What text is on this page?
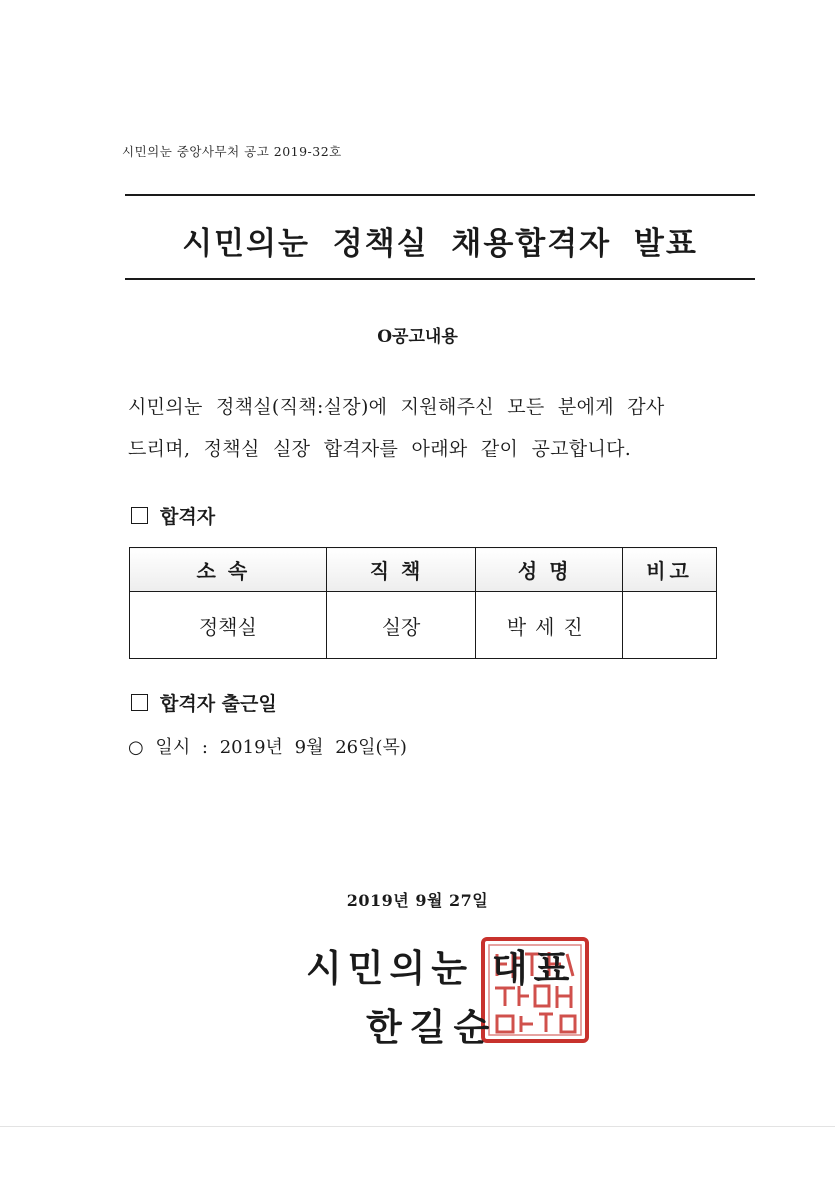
시민의눈 중앙사무처 공고 2019-32호
시민의눈 정책실 채용합격자 발표
O공고내용
시민의눈 정책실(직책:실장)에 지원해주신 모든 분에게 감사
드리며, 정책실 실장 합격자를 아래와 같이 공고합니다.
합격자
소속	직책	성명	비고
정책실	실장	박세진	
합격자 출근일
○ 일시 : 2019년 9월 26일(목)
2019년 9월 27일
시민의눈 대표
한길순
